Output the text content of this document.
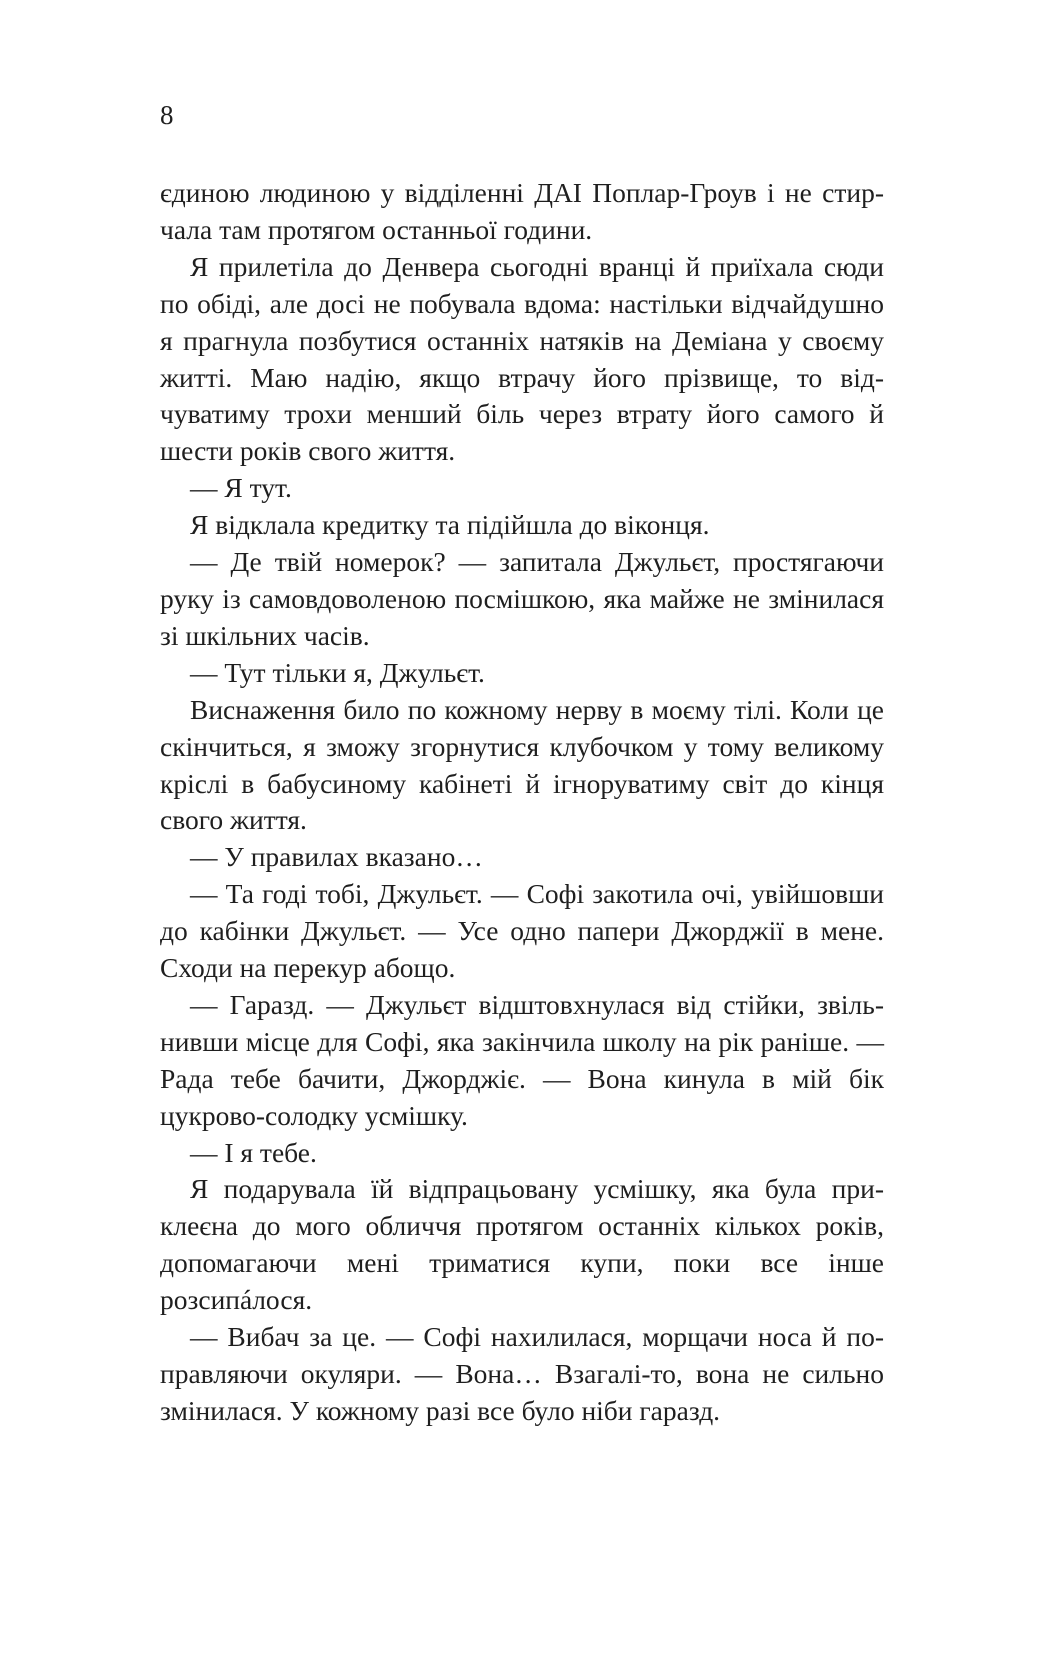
8

єдиною людиною у відділенні ДАІ Поплар-Гроув і не стирчала там протягом останньої години.

Я прилетіла до Денвера сьогодні вранці й приїхала сюди по обіді, але досі не побувала вдома: настільки відчайдушно я прагнула позбутися останніх натяків на Деміана у своєму житті. Маю надію, якщо втрачу його прізвище, то відчуватиму трохи менший біль через втрату його самого й шести років свого життя.

— Я тут.

Я відклала кредитку та підійшла до віконця.

— Де твій номерок? — запитала Джульєт, простягаючи руку із самовдоволеною посмішкою, яка майже не змiнилася зі шкільних часів.

— Тут тільки я, Джульєт.

Виснаження било по кожному нерву в моєму тілі. Коли це скінчиться, я зможу згорнутися клубочком у тому великому кріслі в бабусиному кабінеті й ігноруватиму світ до кінця свого життя.

— У правилах вказано…

— Та годі тобі, Джульєт. — Софі закотила очі, увійшовши до кабінки Джульєт. — Усе одно папери Джорджії в мене. Сходи на перекур абощо.

— Гаразд. — Джульєт відштовхнулася від стійки, звільнивши місце для Софі, яка закінчила школу на рік раніше. — Рада тебе бачити, Джорджіє. — Вона кинула в мій бік цукрово-солодку усмішку.

— І я тебе.

Я подарувала їй відпрацьовану усмішку, яка була приклеєна до мого обличчя протягом останніх кількох років, допомагаючи мені триматися купи, поки все інше розсипáлося.

— Вибач за це. — Софі нахилилася, морщачи носа й поправляючи окуляри. — Вона… Взагалі-то, вона не сильно змінилася. У кожному разі все було ніби гаразд.
